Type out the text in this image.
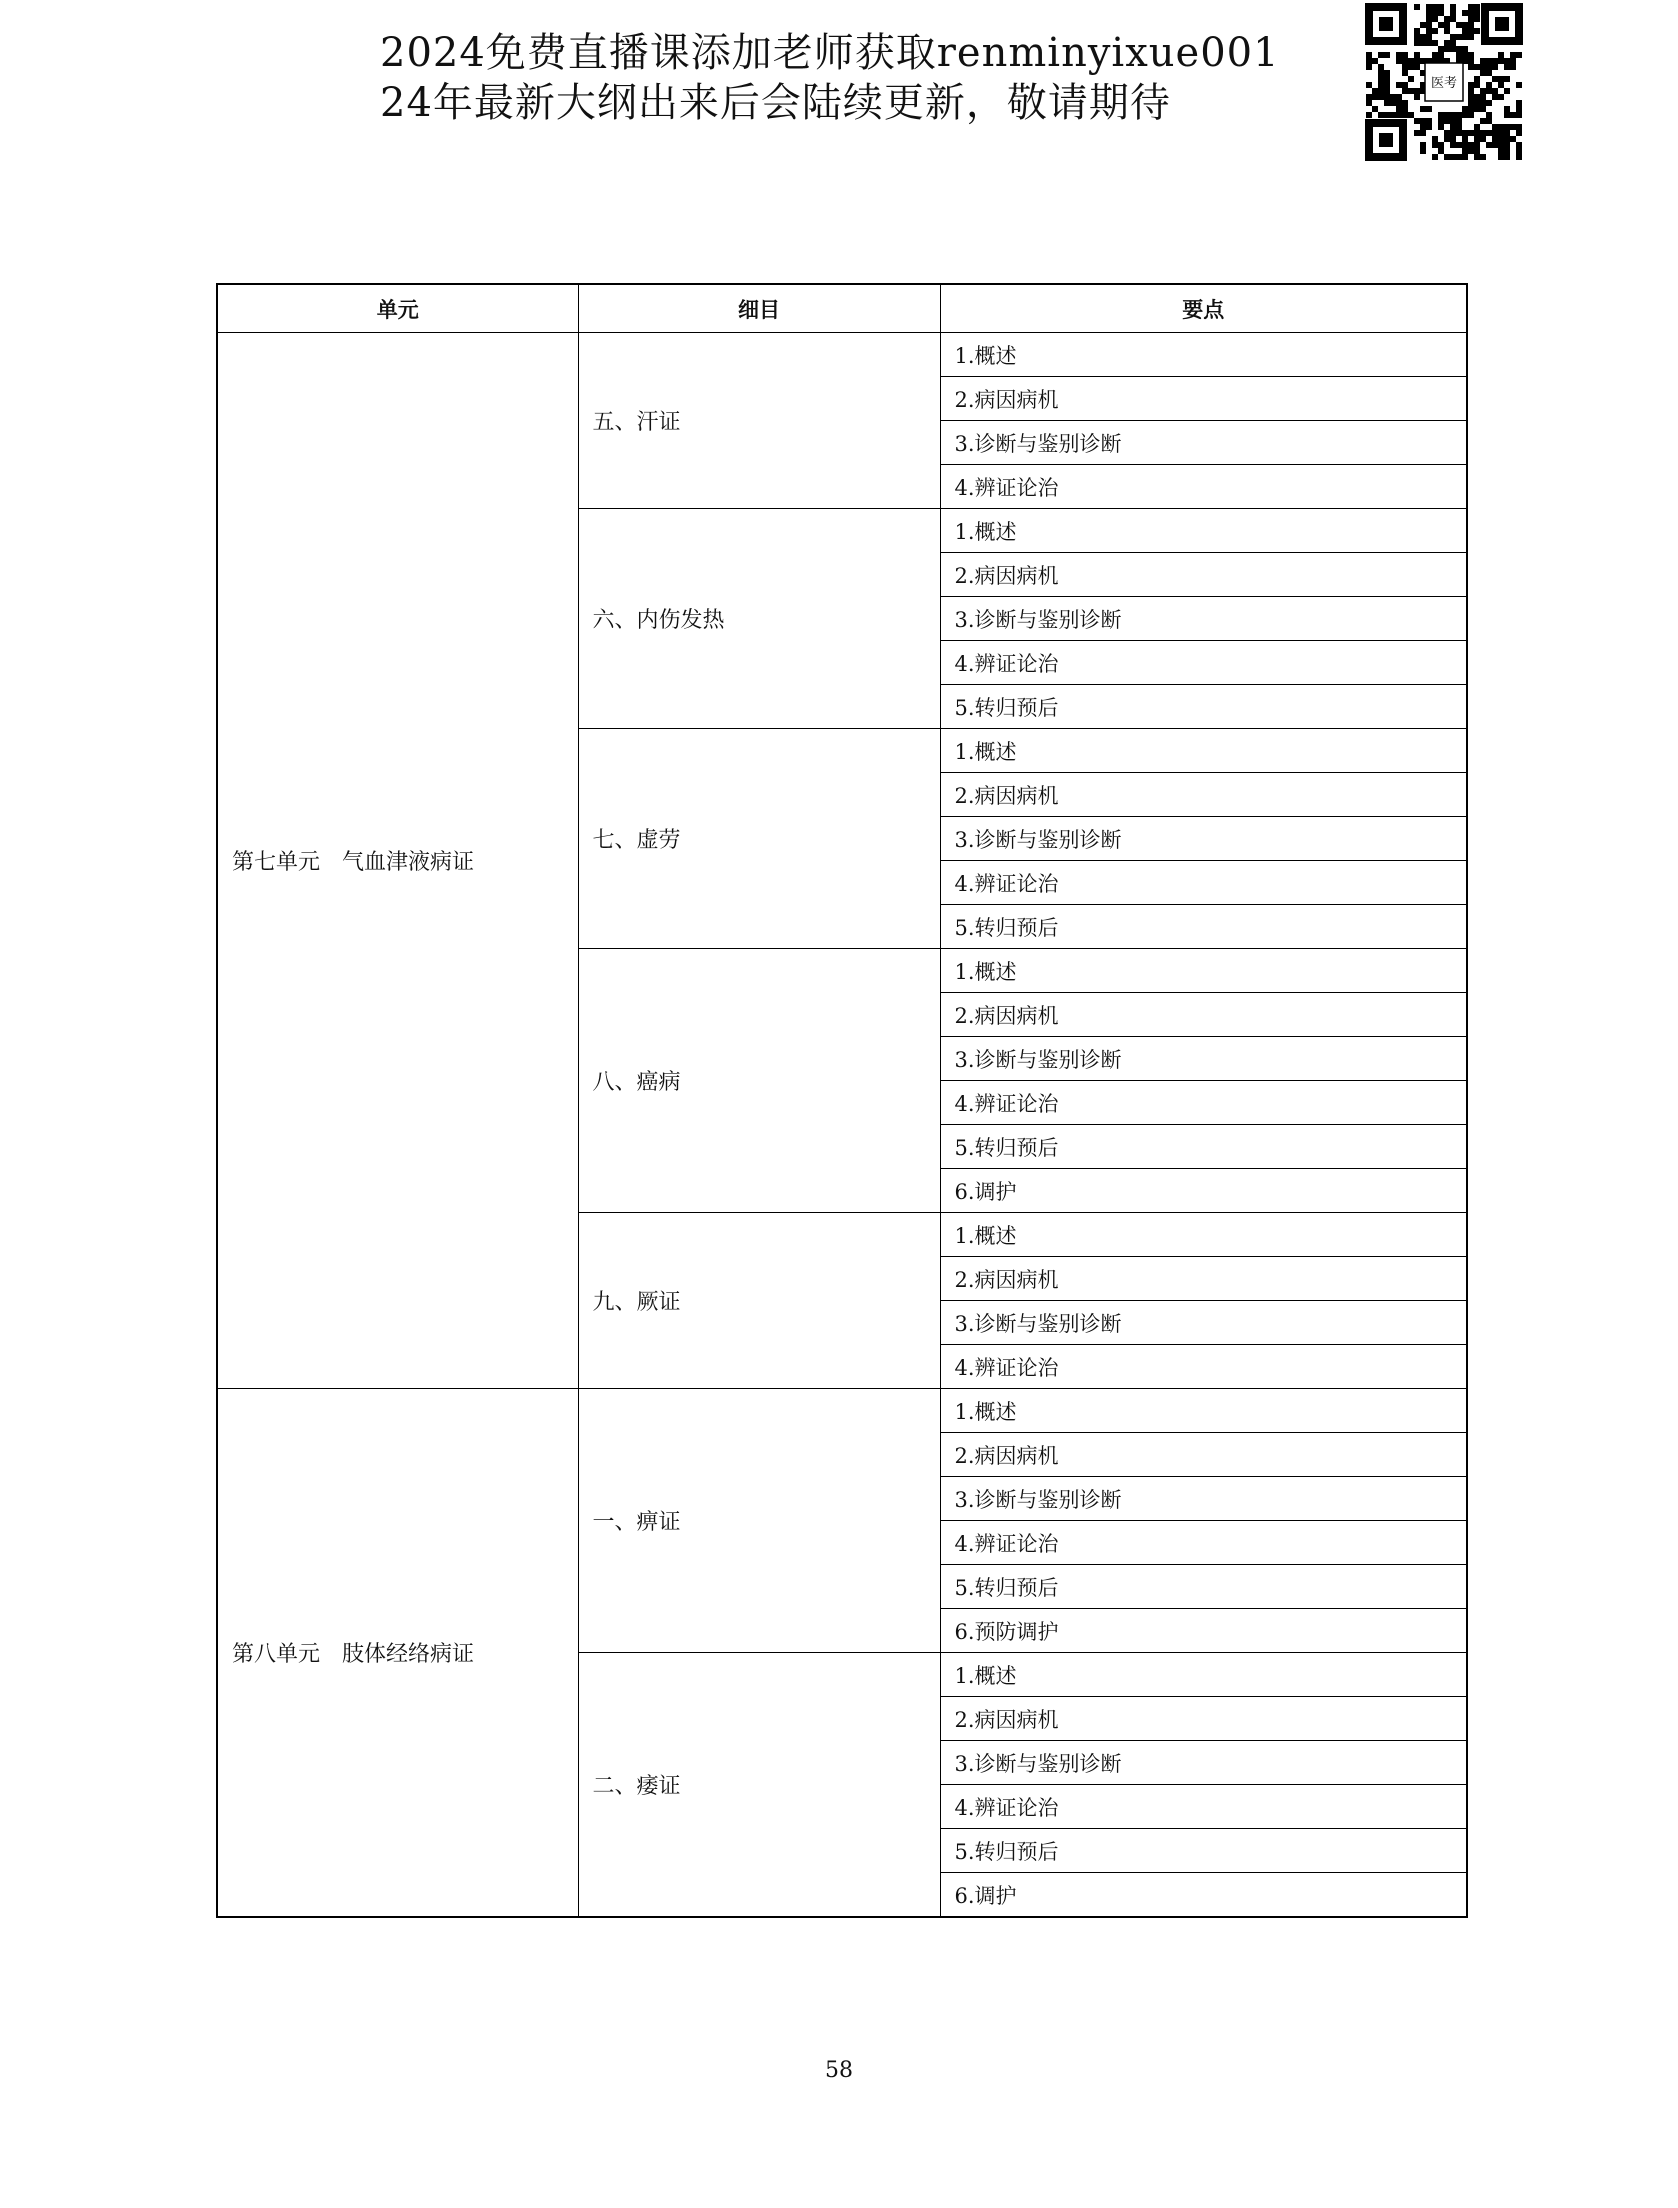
2024免费直播课添加老师获取renminyixue001
24年最新大纲出来后会陆续更新，敬请期待	医考
单元	细目	要点
第七单元　气血津液病证	五、汗证	1.概述
		2.病因病机
		3.诊断与鉴别诊断
		4.辨证论治
	六、内伤发热	1.概述
		2.病因病机
		3.诊断与鉴别诊断
		4.辨证论治
		5.转归预后
	七、虚劳	1.概述
		2.病因病机
		3.诊断与鉴别诊断
		4.辨证论治
		5.转归预后
	八、癌病	1.概述
		2.病因病机
		3.诊断与鉴别诊断
		4.辨证论治
		5.转归预后
		6.调护
	九、厥证	1.概述
		2.病因病机
		3.诊断与鉴别诊断
		4.辨证论治
第八单元　肢体经络病证	一、痹证	1.概述
		2.病因病机
		3.诊断与鉴别诊断
		4.辨证论治
		5.转归预后
		6.预防调护
	二、痿证	1.概述
		2.病因病机
		3.诊断与鉴别诊断
		4.辨证论治
		5.转归预后
		6.调护
58
